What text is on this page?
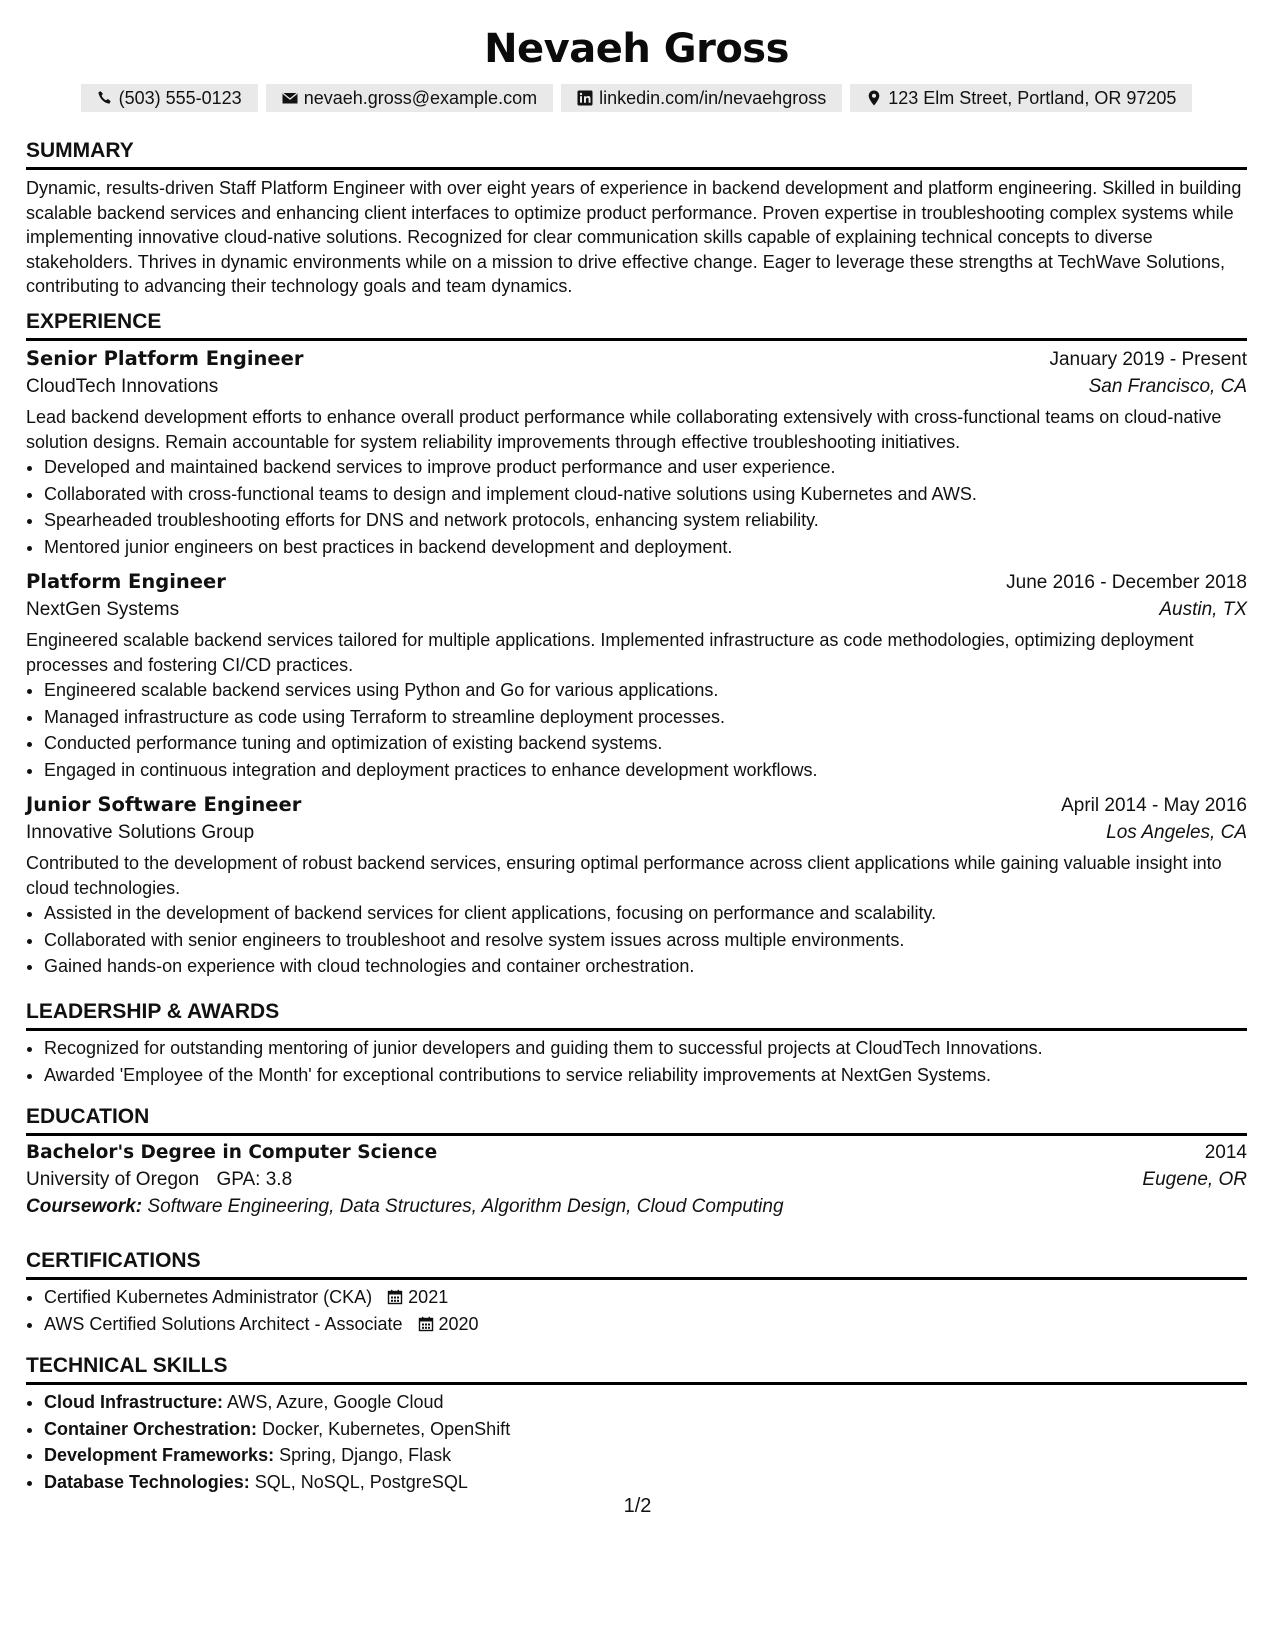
Nevaeh Gross
(503) 555-0123	nevaeh.gross@example.com	linkedin.com/in/nevaehgross	123 Elm Street, Portland, OR 97205
SUMMARY

Dynamic, results-driven Staff Platform Engineer with over eight years of experience in backend development and platform engineering. Skilled in building scalable backend services and enhancing client interfaces to optimize product performance. Proven expertise in troubleshooting complex systems while implementing innovative cloud-native solutions. Recognized for clear communication skills capable of explaining technical concepts to diverse stakeholders. Thrives in dynamic environments while on a mission to drive effective change. Eager to leverage these strengths at TechWave Solutions, contributing to advancing their technology goals and team dynamics.

EXPERIENCE
Senior Platform Engineer	January 2019 - Present
CloudTech Innovations	San Francisco, CA

Lead backend development efforts to enhance overall product performance while collaborating extensively with cross-functional teams on cloud-native solution designs. Remain accountable for system reliability improvements through effective troubleshooting initiatives.

• Developed and maintained backend services to improve product performance and user experience.
• Collaborated with cross-functional teams to design and implement cloud-native solutions using Kubernetes and AWS.
• Spearheaded troubleshooting efforts for DNS and network protocols, enhancing system reliability.
• Mentored junior engineers on best practices in backend development and deployment.
Platform Engineer	June 2016 - December 2018
NextGen Systems	Austin, TX

Engineered scalable backend services tailored for multiple applications. Implemented infrastructure as code methodologies, optimizing deployment processes and fostering CI/CD practices.

• Engineered scalable backend services using Python and Go for various applications.
• Managed infrastructure as code using Terraform to streamline deployment processes.
• Conducted performance tuning and optimization of existing backend systems.
• Engaged in continuous integration and deployment practices to enhance development workflows.
Junior Software Engineer	April 2014 - May 2016
Innovative Solutions Group	Los Angeles, CA

Contributed to the development of robust backend services, ensuring optimal performance across client applications while gaining valuable insight into cloud technologies.

• Assisted in the development of backend services for client applications, focusing on performance and scalability.
• Collaborated with senior engineers to troubleshoot and resolve system issues across multiple environments.
• Gained hands-on experience with cloud technologies and container orchestration.
LEADERSHIP & AWARDS
• Recognized for outstanding mentoring of junior developers and guiding them to successful projects at CloudTech Innovations.
• Awarded 'Employee of the Month' for exceptional contributions to service reliability improvements at NextGen Systems.
EDUCATION
Bachelor's Degree in Computer Science	2014
University of Oregon GPA: 3.8	Eugene, OR
Coursework: Software Engineering, Data Structures, Algorithm Design, Cloud Computing
CERTIFICATIONS
• Certified Kubernetes Administrator (CKA) 2021
• AWS Certified Solutions Architect - Associate 2020
TECHNICAL SKILLS
• Cloud Infrastructure: AWS, Azure, Google Cloud
• Container Orchestration: Docker, Kubernetes, OpenShift
• Development Frameworks: Spring, Django, Flask
• Database Technologies: SQL, NoSQL, PostgreSQL
1/2
